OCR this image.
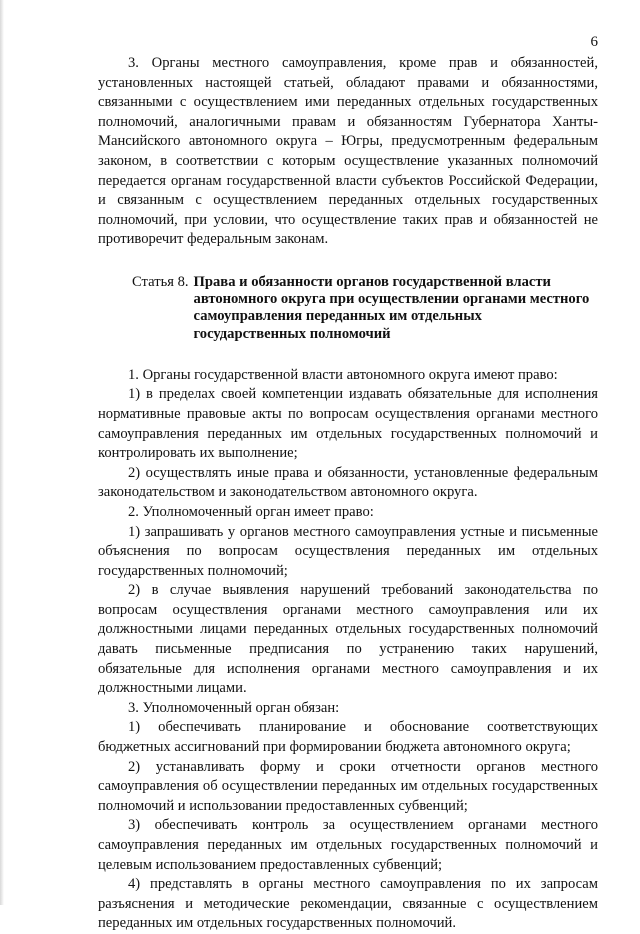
6

3. Органы местного самоуправления, кроме прав и обязанностей, установленных настоящей статьей, обладают правами и обязанностями, связанными с осуществлением ими переданных отдельных государственных полномочий, аналогичными правам и обязанностям Губернатора Ханты-Мансийского автономного округа – Югры, предусмотренным федеральным законом, в соответствии с которым осуществление указанных полномочий передается органам государственной власти субъектов Российской Федерации, и связанным с осуществлением переданных отдельных государственных полномочий, при условии, что осуществление таких прав и обязанностей не противоречит федеральным законам.

Статья 8. Права и обязанности органов государственной власти автономного округа при осуществлении органами местного самоуправления переданных им отдельных государственных полномочий

1. Органы государственной власти автономного округа имеют право:

1) в пределах своей компетенции издавать обязательные для исполнения нормативные правовые акты по вопросам осуществления органами местного самоуправления переданных им отдельных государственных полномочий и контролировать их выполнение;

2) осуществлять иные права и обязанности, установленные федеральным законодательством и законодательством автономного округа.

2. Уполномоченный орган имеет право:

1) запрашивать у органов местного самоуправления устные и письменные объяснения по вопросам осуществления переданных им отдельных государственных полномочий;

2) в случае выявления нарушений требований законодательства по вопросам осуществления органами местного самоуправления или их должностными лицами переданных отдельных государственных полномочий давать письменные предписания по устранению таких нарушений, обязательные для исполнения органами местного самоуправления и их должностными лицами.

3. Уполномоченный орган обязан:

1) обеспечивать планирование и обоснование соответствующих бюджетных ассигнований при формировании бюджета автономного округа;

2) устанавливать форму и сроки отчетности органов местного самоуправления об осуществлении переданных им отдельных государственных полномочий и использовании предоставленных субвенций;

3) обеспечивать контроль за осуществлением органами местного самоуправления переданных им отдельных государственных полномочий и целевым использованием предоставленных субвенций;

4) представлять в органы местного самоуправления по их запросам разъяснения и методические рекомендации, связанные с осуществлением переданных им отдельных государственных полномочий.
